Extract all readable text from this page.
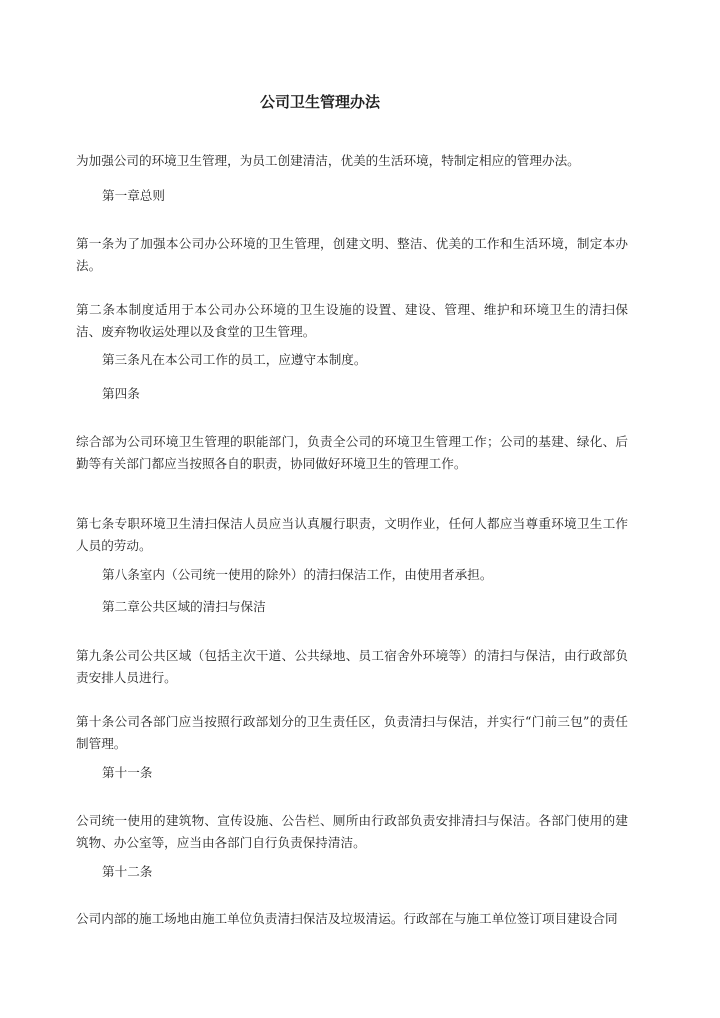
公司卫生管理办法

为加强公司的环境卫生管理，为员工创建清洁，优美的生活环境，特制定相应的管理办法。

第一章总则

第一条为了加强本公司办公环境的卫生管理，创建文明、整洁、优美的工作和生活环境，制定本办法。

第二条本制度适用于本公司办公环境的卫生设施的设置、建设、管理、维护和环境卫生的清扫保洁、废弃物收运处理以及食堂的卫生管理。

第三条凡在本公司工作的员工，应遵守本制度。

第四条

综合部为公司环境卫生管理的职能部门，负责全公司的环境卫生管理工作；公司的基建、绿化、后勤等有关部门都应当按照各自的职责，协同做好环境卫生的管理工作。

第七条专职环境卫生清扫保洁人员应当认真履行职责，文明作业，任何人都应当尊重环境卫生工作人员的劳动。

第八条室内（公司统一使用的除外）的清扫保洁工作，由使用者承担。

第二章公共区域的清扫与保洁

第九条公司公共区域（包括主次干道、公共绿地、员工宿舍外环境等）的清扫与保洁，由行政部负责安排人员进行。

第十条公司各部门应当按照行政部划分的卫生责任区，负责清扫与保洁，并实行“门前三包”的责任制管理。

第十一条

公司统一使用的建筑物、宣传设施、公告栏、厕所由行政部负责安排清扫与保洁。各部门使用的建筑物、办公室等，应当由各部门自行负责保持清洁。

第十二条

公司内部的施工场地由施工单位负责清扫保洁及垃圾清运。行政部在与施工单位签订项目建设合同
